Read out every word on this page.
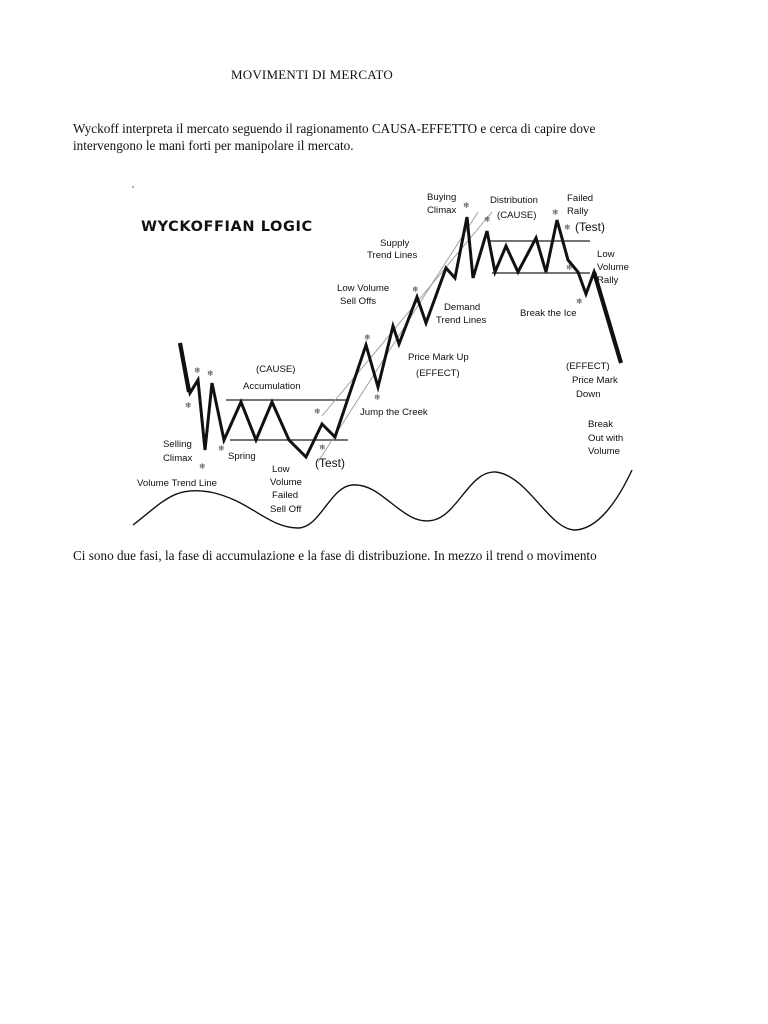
MOVIMENTI DI MERCATO

Wyckoff interpreta il mercato seguendo il ragionamento CAUSA-EFFETTO e cerca di capire dove

intervengono le mani forti per manipolare il mercato.

WYCKOFFIAN LOGIC
❄ ❄
❄
❄
❄
❄
❄
❄
❄
❄
❄
❄
❄
❄
❄
❄
Buying
Climax
Distribution
(CAUSE)
Failed
Rally
(Test)
Supply
Trend Lines	Low
Volume
Rally
Low Volume
Sell Offs
Demand
Trend Lines
Break the Ice
Price Mark Up
(EFFECT)
(EFFECT)
Price Mark
Down
(CAUSE)
Accumulation
Jump the Creek
Break
Out with
Volume
Selling
Climax	Spring
Low
Volume
Failed
Sell Off
(Test)
Volume Trend Line
Ci sono due fasi, la fase di accumulazione e la fase di distribuzione. In mezzo il trend o movimento
